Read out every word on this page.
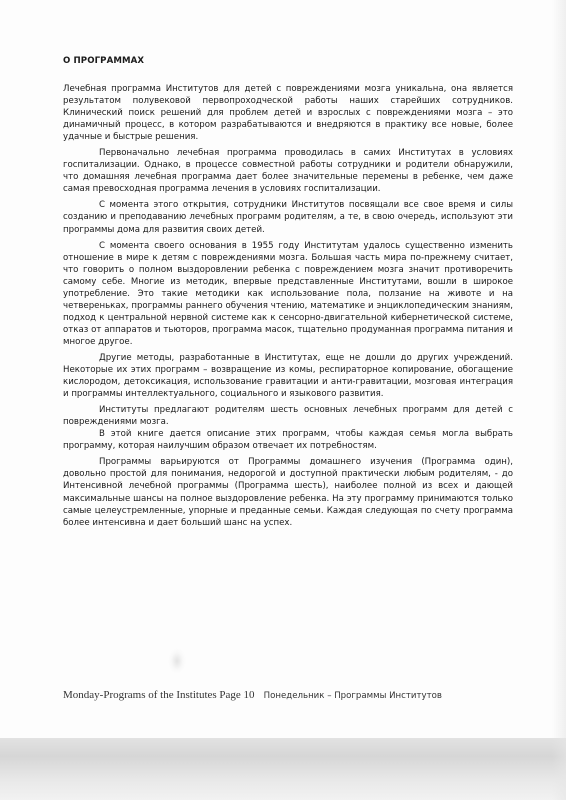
О ПРОГРАММАХ

Лечебная программа Институтов для детей с повреждениями мозга уникальна, она является результатом полувековой первопроходческой работы наших старейших сотрудников. Клинический поиск решений для проблем детей и взрослых с повреждениями мозга – это динамичный процесс, в котором разрабатываются и внедряются в практику все новые, более удачные и быстрые решения.

Первоначально лечебная программа проводилась в самих Институтах в условиях госпитализации. Однако, в процессе совместной работы сотрудники и родители обнаружили, что домашняя лечебная программа дает более значительные перемены в ребенке, чем даже самая превосходная программа лечения в условиях госпитализации.

С момента этого открытия, сотрудники Институтов посвящали все свое время и силы созданию и преподаванию лечебных программ родителям, а те, в свою очередь, используют эти программы дома для развития своих детей.

С момента своего основания в 1955 году Институтам удалось существенно изменить отношение в мире к детям с повреждениями мозга. Большая часть мира по-прежнему считает, что говорить о полном выздоровлении ребенка с повреждением мозга значит противоречить самому себе. Многие из методик, впервые представленные Институтами, вошли в широкое употребление. Это такие методики как использование пола, ползание на животе и на четвереньках, программы раннего обучения чтению, математике и энциклопедическим знаниям, подход к центральной нервной системе как к сенсорно-двигательной кибернетической системе, отказ от аппаратов и тьюторов, программа масок, тщательно продуманная программа питания и многое другое.

Другие методы, разработанные в Институтах, еще не дошли до других учреждений. Некоторые их этих программ – возвращение из комы, респираторное копирование, обогащение кислородом, детоксикация, использование гравитации и анти-гравитации, мозговая интеграция и программы интеллектуального, социального и языкового развития.

Институты предлагают родителям шесть основных лечебных программ для детей с повреждениями мозга.

В этой книге дается описание этих программ, чтобы каждая семья могла выбрать программу, которая наилучшим образом отвечает их потребностям.

Программы варьируются от Программы домашнего изучения (Программа один), довольно простой для понимания, недорогой и доступной практически любым родителям, - до Интенсивной лечебной программы (Программа шесть), наиболее полной из всех и дающей максимальные шансы на полное выздоровление ребенка. На эту программу принимаются только самые целеустремленные, упорные и преданные семьи. Каждая следующая по счету программа более интенсивна и дает больший шанс на успех.

Monday-Programs of the Institutes Page 10 Понедельник – Программы Институтов
